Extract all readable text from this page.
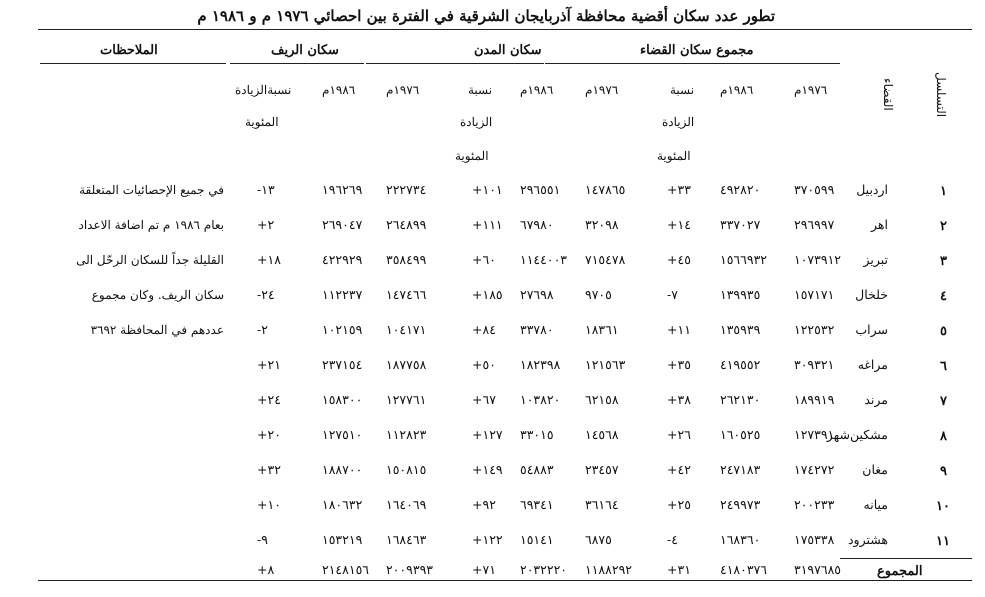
تطور عدد سكان أقضية محافظة آذربايجان الشرقية في الفترة بين احصائي ١٩٧٦ م و ١٩٨٦ م
مجموع سكان القضاء
سكان المدن
سكان الريف
الملاحظات
التسلسل
القضاء
١٩٧٦م
١٩٨٦م
نسبة
الزيادة
المئوية
١٩٧٦م
١٩٨٦م
نسبة
الزيادة
المئوية
١٩٧٦م
١٩٨٦م
نسبةالزيادة
المئوية
١
اردبيل
٣٧٠٥٩٩
٤٩٢٨٢٠
+٣٣
١٤٧٨٦٥
٢٩٦٥٥١
+١٠١
٢٢٢٧٣٤
١٩٦٢٦٩
-١٣
٢
اهر
٢٩٦٩٩٧
٣٣٧٠٢٧
+١٤
٣٢٠٩٨
٦٧٩٨٠
+١١١
٢٦٤٨٩٩
٢٦٩٠٤٧
+٢
٣
تبريز
١٠٧٣٩١٢
١٥٦٦٩٣٢
+٤٥
٧١٥٤٧٨
١١٤٤٠٠٣
+٦٠
٣٥٨٤٩٩
٤٢٢٩٢٩
+١٨
٤
خلخال
١٥٧١٧١
١٣٩٩٣٥
-٧
٩٧٠٥
٢٧٦٩٨
+١٨٥
١٤٧٤٦٦
١١٢٢٣٧
-٢٤
٥
سراب
١٢٢٥٣٢
١٣٥٩٣٩
+١١
١٨٣٦١
٣٣٧٨٠
+٨٤
١٠٤١٧١
١٠٢١٥٩
-٢
٦
مراغه
٣٠٩٣٢١
٤١٩٥٥٢
+٣٥
١٢١٥٦٣
١٨٢٣٩٨
+٥٠
١٨٧٧٥٨
٢٣٧١٥٤
+٢١
٧
مرند
١٨٩٩١٩
٢٦٢١٣٠
+٣٨
٦٢١٥٨
١٠٣٨٢٠
+٦٧
١٢٧٧٦١
١٥٨٣٠٠
+٢٤
٨
مشكين‌شهر
١٢٧٣٩١
١٦٠٥٢٥
+٢٦
١٤٥٦٨
٣٣٠١٥
+١٢٧
١١٢٨٢٣
١٢٧٥١٠
+٢٠
٩
مغان
١٧٤٢٧٢
٢٤٧١٨٣
+٤٢
٢٣٤٥٧
٥٤٨٨٣
+١٤٩
١٥٠٨١٥
١٨٨٧٠٠
+٣٢
١٠
ميانه
٢٠٠٢٣٣
٢٤٩٩٧٣
+٢٥
٣٦١٦٤
٦٩٣٤١
+٩٢
١٦٤٠٦٩
١٨٠٦٣٢
+١٠
١١
هشترود
١٧٥٣٣٨
١٦٨٣٦٠
-٤
٦٨٧٥
١٥١٤١
+١٢٢
١٦٨٤٦٣
١٥٣٢١٩
-٩
المجموع
٣١٩٧٦٨٥
٤١٨٠٣٧٦
+٣١
١١٨٨٢٩٢
٢٠٣٢٢٢٠
+٧١
٢٠٠٩٣٩٣
٢١٤٨١٥٦
+٨
في جميع الإحصائيات المتعلقة
بعام ١٩٨٦ م تم اضافة الاعداد
القليلة جداً للسكان الرحّل الى
سكان الريف. وكان مجموع
عددهم في المحافظة ٣٦٩٢
